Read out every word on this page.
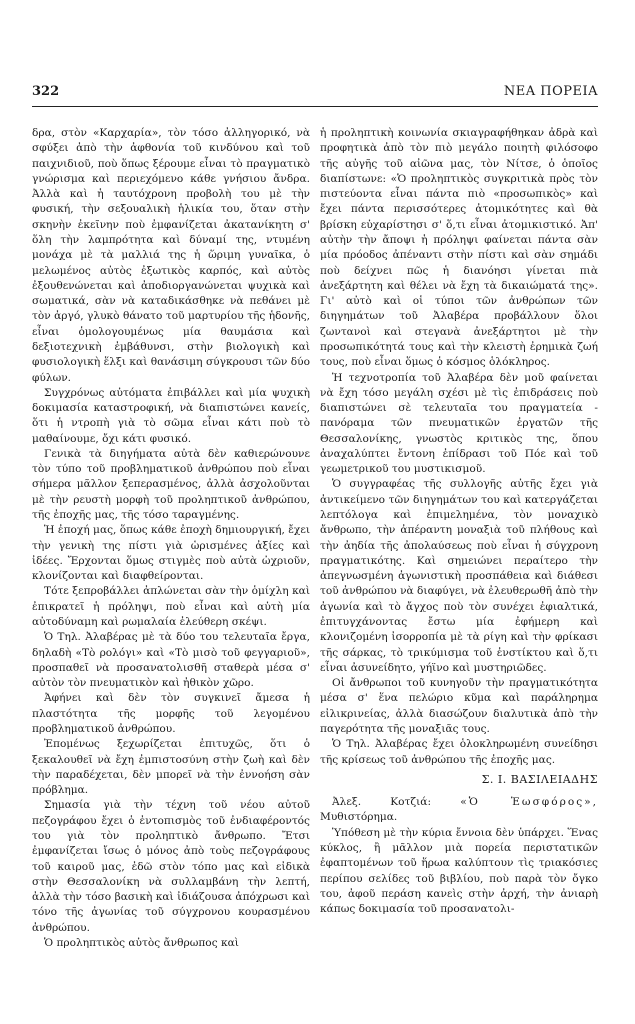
322	ΝΕΑ ΠΟΡΕΙΑ

δρα, στὸν «Καρχαρία», τὸν τόσο ἀλληγορικό, νὰ σφύξει ἀπὸ τὴν ἀφθονία τοῦ κινδύνου καὶ τοῦ παιχνιδιοῦ, ποὺ ὅπως ξέρουμε εἶναι τὸ πραγματικὸ γνώρισμα καὶ περιεχόμενο κάθε γνήσιου ἄνδρα. Ἀλλὰ καὶ ἡ ταυτόχρονη προβολὴ του μὲ τὴν φυσική, τὴν σεξουαλικὴ ἡλικία του, ὅταν στὴν σκηνὴν ἐκεῖνην ποὺ ἐμφανίζεται ἀκατανίκητη σ' ὅλη τὴν λαμπρότητα καὶ δύναμί της, ντυμένη μονάχα μὲ τὰ μαλλιά της ἡ ὥριμη γυναῖκα, ὁ μελωμένος αὐτὸς ἐξωτικὸς καρπός, καὶ αὐτὸς ἐξουθενώνεται καὶ ἀποδιοργανώνεται ψυχικὰ καὶ σωματικά, σὰν νὰ καταδικάσθηκε νὰ πεθάνει μὲ τὸν ἀργό, γλυκὸ θάνατο τοῦ μαρτυρίου τῆς ἡδονῆς, εἶναι ὁμολογουμένως μία θαυμάσια καὶ δεξιοτεχνικὴ ἐμβάθυνσι, στὴν βιολογικὴ καὶ φυσιολογικὴ ἕλξι καὶ θανάσιμη σύγκρουσι τῶν δύο φύλων.

Συγχρόνως αὐτόματα ἐπιβάλλει καὶ μία ψυχικὴ δοκιμασία καταστροφική, νὰ διαπιστώνει κανείς, ὅτι ἡ ντροπὴ γιὰ τὸ σῶμα εἶναι κάτι ποὺ τὸ μαθαίνουμε, ὄχι κάτι φυσικό.

Γενικὰ τὰ διηγήματα αὐτὰ δὲν καθιερώνουνε τὸν τύπο τοῦ προβληματικοῦ ἀνθρώπου ποὺ εἶναι σήμερα μᾶλλον ξεπερασμένος, ἀλλὰ ἀσχολοῦνται μὲ τὴν ρευστὴ μορφὴ τοῦ προληπτικοῦ ἀνθρώπου, τῆς ἐποχῆς μας, τῆς τόσο ταραγμένης.

Ἡ ἐποχή μας, ὅπως κάθε ἐποχὴ δημιουργική, ἔχει τὴν γενικὴ της πίστι γιὰ ὡρισμένες ἀξίες καὶ ἰδέες. Ἔρχονται ὅμως στιγμὲς ποὺ αὐτὰ ὠχριοῦν, κλονίζονται καὶ διαφθείρονται.

Τότε ξεπροβάλλει ἀπλώνεται σὰν τὴν ὁμίχλη καὶ ἐπικρατεῖ ἡ πρόληψι, ποὺ εἶναι καὶ αὐτὴ μία αὐτοδύναμη καὶ ρωμαλαία ἐλεύθερη σκέψι.

Ὁ Τηλ. Ἀλαβέρας μὲ τὰ δύο του τελευταῖα ἔργα, δηλαδὴ «Τὸ ρολόγι» καὶ «Τὸ μισὸ τοῦ φεγγαριοῦ», προσπαθεῖ νὰ προσανατολισθῆ σταθερὰ μέσα σ' αὐτὸν τὸν πνευματικὸν καὶ ἠθικὸν χῶρο.

Ἀφήνει καὶ δὲν τὸν συγκινεῖ ἄμεσα ἡ πλαστότητα τῆς μορφῆς τοῦ λεγομένου προβληματικοῦ ἀνθρώπου.

Ἐπομένως ξεχωρίζεται ἐπιτυχῶς, ὅτι ὁ ξεκαλουθεῖ νὰ ἔχη ἐμπιστοσύνη στὴν ζωὴ καὶ δὲν τὴν παραδέχεται, δὲν μπορεῖ νὰ τὴν ἐννοήση σὰν πρόβλημα.

Σημασία γιὰ τὴν τέχνη τοῦ νέου αὐτοῦ πεζογράφου ἔχει ὁ ἐντοπισμὸς τοῦ ἐνδιαφέροντός του γιὰ τὸν προληπτικὸ ἄνθρωπο. Ἔτσι ἐμφανίζεται ἴσως ὁ μόνος ἀπὸ τοὺς πεζογράφους τοῦ καιροῦ μας, ἐδῶ στὸν τόπο μας καὶ εἰδικὰ στὴν Θεσσαλονίκη νὰ συλλαμβάνη τὴν λεπτή, ἀλλὰ τὴν τόσο βασικὴ καὶ ἰδιάζουσα ἀπόχρωσι καὶ τόνο τῆς ἀγωνίας τοῦ σύγχρονου κουρασμένου ἀνθρώπου.

Ὁ προληπτικὸς αὐτὸς ἄνθρωπος καὶ

ἡ προληπτικὴ κοινωνία σκιαγραφήθηκαν ἀδρὰ καὶ προφητικὰ ἀπὸ τὸν πιὸ μεγάλο ποιητὴ φιλόσοφο τῆς αὐγῆς τοῦ αἰῶνα μας, τὸν Νίτσε, ὁ ὁποῖος διαπίστωνε: «Ὁ προληπτικὸς συγκριτικὰ πρὸς τὸν πιστεύοντα εἶναι πάντα πιὸ «προσωπικὸς» καὶ ἔχει πάντα περισσότερες ἀτομικότητες καὶ θὰ βρίσκη εὐχαρίστησι σ' ὅ,τι εἶναι ἀτομικιστικό. Ἀπ' αὐτὴν τὴν ἄποψι ἡ πρόληψι φαίνεται πάντα σὰν μία πρόοδος ἀπέναντι στὴν πίστι καὶ σὰν σημάδι ποὺ δείχνει πῶς ἡ διανόησι γίνεται πιὰ ἀνεξάρτητη καὶ θέλει νὰ ἔχη τὰ δικαιώματά της». Γι' αὐτὸ καὶ οἱ τύποι τῶν ἀνθρώπων τῶν διηγημάτων τοῦ Ἀλαβέρα προβάλλουν ὅλοι ζωντανοὶ καὶ στεγανὰ ἀνεξάρτητοι μὲ τὴν προσωπικότητά τους καὶ τὴν κλειστὴ ἐρημικὰ ζωή τους, ποὺ εἶναι ὅμως ὁ κόσμος ὁλόκληρος.

Ἡ τεχνοτροπία τοῦ Ἀλαβέρα δὲν μοῦ φαίνεται νὰ ἔχη τόσο μεγάλη σχέσι μὲ τὶς ἐπιδράσεις ποὺ διαπιστώνει σὲ τελευταῖα του πραγματεία - πανόραμα τῶν πνευματικῶν ἐργατῶν τῆς Θεσσαλονίκης, γνωστὸς κριτικὸς της, ὅπου ἀναχαλύπτει ἔντονη ἐπίδρασι τοῦ Πόε καὶ τοῦ γεωμετρικοῦ του μυστικισμοῦ.

Ὁ συγγραφέας τῆς συλλογῆς αὐτῆς ἔχει γιὰ ἀντικείμενο τῶν διηγημάτων του καὶ κατεργάζεται λεπτόλογα καὶ ἐπιμελημένα, τὸν μοναχικὸ ἄνθρωπο, τὴν ἀπέραντη μοναξιὰ τοῦ πλήθους καὶ τὴν ἀηδία τῆς ἀπολαύσεως ποὺ εἶναι ἡ σύγχρονη πραγματικότης. Καὶ σημειώνει περαίτερο τὴν ἀπεγνωσμένη ἀγωνιστικὴ προσπάθεια καὶ διάθεσι τοῦ ἀνθρώπου νὰ διαφύγει, νὰ ἐλευθερωθῆ ἀπὸ τὴν ἀγωνία καὶ τὸ ἄγχος ποὺ τὸν συνέχει ἐφιαλτικά, ἐπιτυγχάνοντας ἔστω μία ἐφήμερη καὶ κλονιζομένη ἰσορροπία μὲ τὰ ρίγη καὶ τὴν φρίκασι τῆς σάρκας, τὸ τρικύμισμα τοῦ ἐνστίκτου καὶ ὅ,τι εἶναι ἀσυνείδητο, γήϊνο καὶ μυστηριῶδες.

Οἱ ἄνθρωποι τοῦ κυνηγοῦν τὴν πραγματικότητα μέσα σ' ἕνα πελώριο κῦμα καὶ παράληρημα εἰλικρινείας, ἀλλὰ διασώζουν διαλυτικὰ ἀπὸ τὴν παγερότητα τῆς μοναξιᾶς τους.

Ὁ Τηλ. Ἀλαβέρας ἔχει ὁλοκληρωμένη συνείδησι τῆς κρίσεως τοῦ ἀνθρώπου τῆς ἐποχῆς μας.

Σ. Ι. ΒΑΣΙΛΕΙΑΔΗΣ

Ἀλεξ. Κοτζιά:	«Ὁ Ἑωσφόρος», Μυθιστόρημα.

Ὑπόθεση μὲ τὴν κύρια ἔννοια δὲν ὑπάρχει. Ἕνας κύκλος, ἢ μᾶλλον μιὰ πορεία περιστατικῶν ἐφαπτομένων τοῦ ἥρωα καλύπτουν τὶς τριακόσιες περίπου σελίδες τοῦ βιβλίου, ποὺ παρὰ τὸν ὄγκο του, ἀφοῦ περάση κανεὶς στὴν ἀρχή, τὴν ἀνιαρὴ κάπως δοκιμασία τοῦ προσανατολι-
